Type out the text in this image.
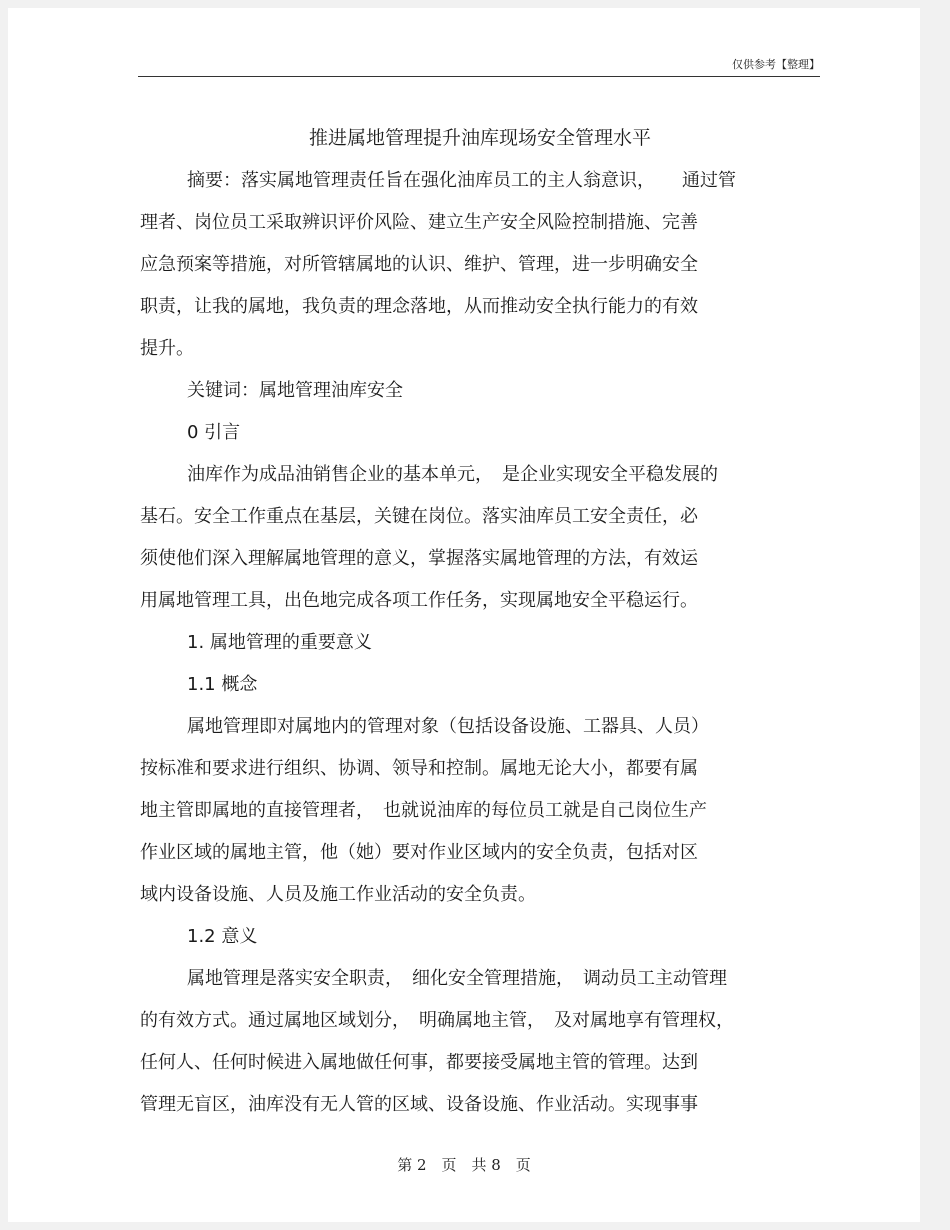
仅供参考【整理】

推进属地管理提升油库现场安全管理水平

摘要：落实属地管理责任旨在强化油库员工的主人翁意识，　　通过管
理者、岗位员工采取辨识评价风险、建立生产安全风险控制措施、完善
应急预案等措施，对所管辖属地的认识、维护、管理，进一步明确安全
职责，让我的属地，我负责的理念落地，从而推动安全执行能力的有效
提升。

关键词：属地管理油库安全

0 引言

油库作为成品油销售企业的基本单元，　是企业实现安全平稳发展的
基石。安全工作重点在基层，关键在岗位。落实油库员工安全责任，必
须使他们深入理解属地管理的意义，掌握落实属地管理的方法，有效运
用属地管理工具，出色地完成各项工作任务，实现属地安全平稳运行。

1. 属地管理的重要意义

1.1 概念

属地管理即对属地内的管理对象（包括设备设施、工器具、人员）
按标准和要求进行组织、协调、领导和控制。属地无论大小，都要有属
地主管即属地的直接管理者，　也就说油库的每位员工就是自己岗位生产
作业区域的属地主管，他（她）要对作业区域内的安全负责，包括对区
域内设备设施、人员及施工作业活动的安全负责。

1.2 意义

属地管理是落实安全职责，　细化安全管理措施，　调动员工主动管理
的有效方式。通过属地区域划分，　明确属地主管，　及对属地享有管理权，
任何人、任何时候进入属地做任何事，都要接受属地主管的管理。达到
管理无盲区，油库没有无人管的区域、设备设施、作业活动。实现事事

第 2　页　共 8　页
